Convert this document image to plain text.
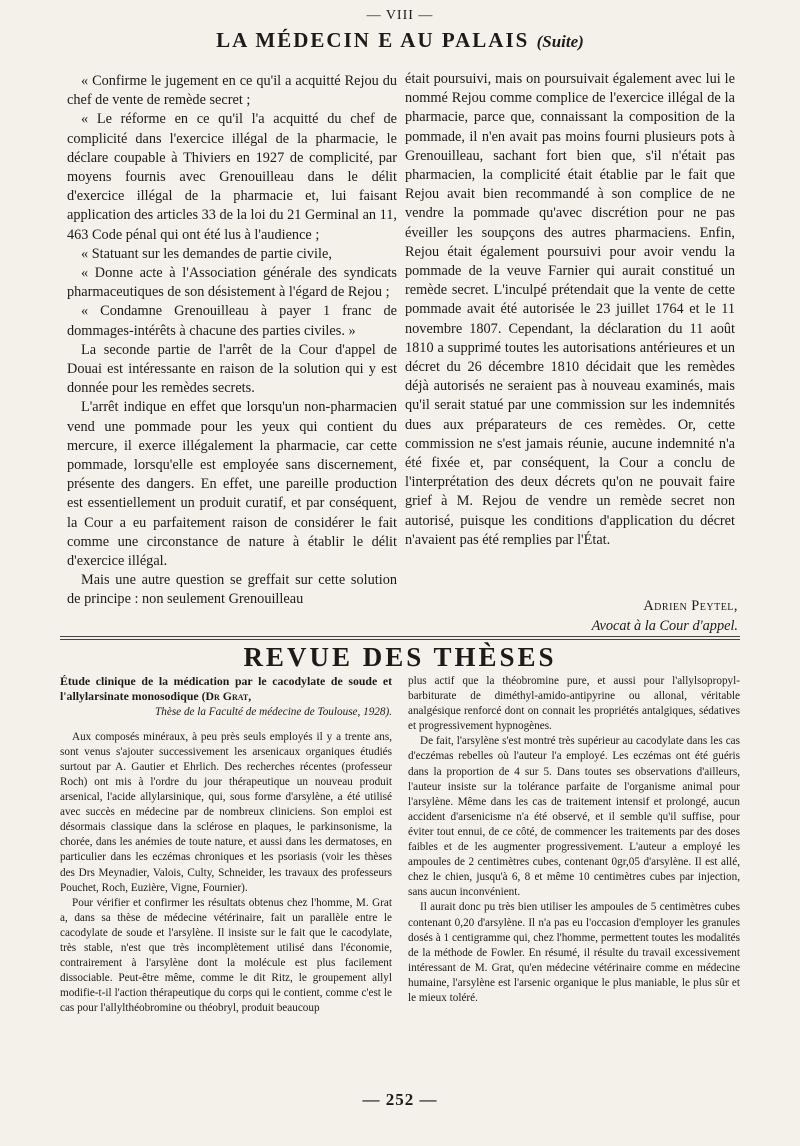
— VIII —
LA MÉDECIN E AU PALAIS (Suite)

« Confirme le jugement en ce qu'il a acquitté Rejou du chef de vente de remède secret ;

« Le réforme en ce qu'il l'a acquitté du chef de complicité dans l'exercice illégal de la pharmacie, le déclare coupable à Thiviers en 1927 de complicité, par moyens fournis avec Grenouilleau dans le délit d'exercice illégal de la pharmacie et, lui faisant application des articles 33 de la loi du 21 Germinal an 11, 463 Code pénal qui ont été lus à l'audience ;

« Statuant sur les demandes de partie civile,

« Donne acte à l'Association générale des syndicats pharmaceutiques de son désistement à l'égard de Rejou ;

« Condamne Grenouilleau à payer 1 franc de dommages-intérêts à chacune des parties civiles. »

La seconde partie de l'arrêt de la Cour d'appel de Douai est intéressante en raison de la solution qui y est donnée pour les remèdes secrets.

L'arrêt indique en effet que lorsqu'un non-pharmacien vend une pommade pour les yeux qui contient du mercure, il exerce illégalement la pharmacie, car cette pommade, lorsqu'elle est employée sans discernement, présente des dangers. En effet, une pareille production est essentiellement un produit curatif, et par conséquent, la Cour a eu parfaitement raison de considérer le fait comme une circonstance de nature à établir le délit d'exercice illégal.

Mais une autre question se greffait sur cette solution de principe : non seulement Grenouilleau

était poursuivi, mais on poursuivait également avec lui le nommé Rejou comme complice de l'exercice illégal de la pharmacie, parce que, connaissant la composition de la pommade, il n'en avait pas moins fourni plusieurs pots à Grenouilleau, sachant fort bien que, s'il n'était pas pharmacien, la complicité était établie par le fait que Rejou avait bien recommandé à son complice de ne vendre la pommade qu'avec discrétion pour ne pas éveiller les soupçons des autres pharmaciens. Enfin, Rejou était également poursuivi pour avoir vendu la pommade de la veuve Farnier qui aurait constitué un remède secret. L'inculpé prétendait que la vente de cette pommade avait été autorisée le 23 juillet 1764 et le 11 novembre 1807. Cependant, la déclaration du 11 août 1810 a supprimé toutes les autorisations antérieures et un décret du 26 décembre 1810 décidait que les remèdes déjà autorisés ne seraient pas à nouveau examinés, mais qu'il serait statué par une commission sur les indemnités dues aux préparateurs de ces remèdes. Or, cette commission ne s'est jamais réunie, aucune indemnité n'a été fixée et, par conséquent, la Cour a conclu de l'interprétation des deux décrets qu'on ne pouvait faire grief à M. Rejou de vendre un remède secret non autorisé, puisque les conditions d'application du décret n'avaient pas été remplies par l'État.

Adrien Peytel,
Avocat à la Cour d'appel.
REVUE DES THÈSES

Étude clinique de la médication par le cacodylate de soude et l'allylarsinate monosodique (Dr Grat,

Thèse de la Faculté de médecine de Toulouse, 1928).

Aux composés minéraux, à peu près seuls employés il y a trente ans, sont venus s'ajouter successivement les arsenicaux organiques étudiés surtout par A. Gautier et Ehrlich. Des recherches récentes (professeur Roch) ont mis à l'ordre du jour thérapeutique un nouveau produit arsenical, l'acide allylarsinique, qui, sous forme d'arsylène, a été utilisé avec succès en médecine par de nombreux cliniciens. Son emploi est désormais classique dans la sclérose en plaques, le parkinsonisme, la chorée, dans les anémies de toute nature, et aussi dans les dermatoses, en particulier dans les eczémas chroniques et les psoriasis (voir les thèses des Drs Meynadier, Valois, Culty, Schneider, les travaux des professeurs Pouchet, Roch, Euzière, Vigne, Fournier).

Pour vérifier et confirmer les résultats obtenus chez l'homme, M. Grat a, dans sa thèse de médecine vétérinaire, fait un parallèle entre le cacodylate de soude et l'arsylène. Il insiste sur le fait que le cacodylate, très stable, n'est que très incomplètement utilisé dans l'économie, contrairement à l'arsylène dont la molécule est plus facilement dissociable. Peut-être même, comme le dit Ritz, le groupement allyl modifie-t-il l'action thérapeutique du corps qui le contient, comme c'est le cas pour l'allylthéobromine ou théobryl, produit beaucoup

plus actif que la théobromine pure, et aussi pour l'allylsopropyl-barbiturate de diméthyl-amido-antipyrine ou allonal, véritable analgésique renforcé dont on connait les propriétés antalgiques, sédatives et progressivement hypnogènes.

De fait, l'arsylène s'est montré très supérieur au cacodylate dans les cas d'eczémas rebelles où l'auteur l'a employé. Les eczémas ont été guéris dans la proportion de 4 sur 5. Dans toutes ses observations d'ailleurs, l'auteur insiste sur la tolérance parfaite de l'organisme animal pour l'arsylène. Même dans les cas de traitement intensif et prolongé, aucun accident d'arsenicisme n'a été observé, et il semble qu'il suffise, pour éviter tout ennui, de ce côté, de commencer les traitements par des doses faibles et de les augmenter progressivement. L'auteur a employé les ampoules de 2 centimètres cubes, contenant 0gr,05 d'arsylène. Il est allé, chez le chien, jusqu'à 6, 8 et même 10 centimètres cubes par injection, sans aucun inconvénient.

Il aurait donc pu très bien utiliser les ampoules de 5 centimètres cubes contenant 0,20 d'arsylène. Il n'a pas eu l'occasion d'employer les granules dosés à 1 centigramme qui, chez l'homme, permettent toutes les modalités de la méthode de Fowler. En résumé, il résulte du travail excessivement intéressant de M. Grat, qu'en médecine vétérinaire comme en médecine humaine, l'arsylène est l'arsenic organique le plus maniable, le plus sûr et le mieux toléré.

— 252 —
